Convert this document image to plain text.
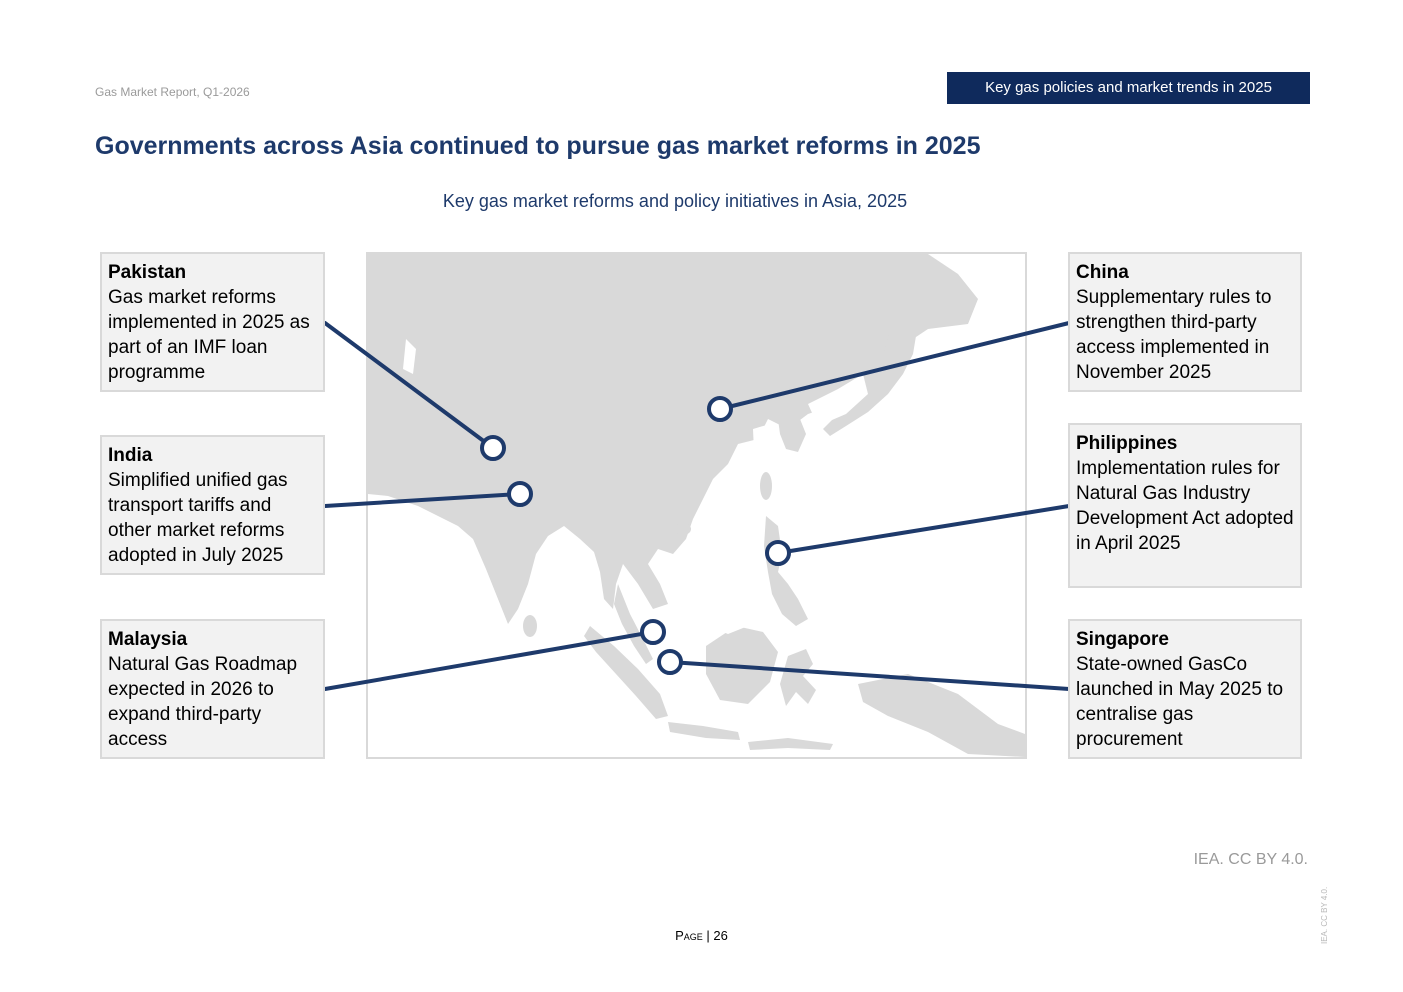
Gas Market Report, Q1-2026	Key gas policies and market trends in 2025
Governments across Asia continued to pursue gas market reforms in 2025
Key gas market reforms and policy initiatives in Asia, 2025
Pakistan
Gas market reforms implemented in 2025 as part of an IMF loan programme
India
Simplified unified gas transport tariffs and other market reforms adopted in July 2025
Malaysia
Natural Gas Roadmap expected in 2026 to expand third-party access
China
Supplementary rules to strengthen third-party access implemented in November 2025
Philippines
Implementation rules for Natural Gas Industry Development Act adopted in April 2025
Singapore
State-owned GasCo launched in May 2025 to centralise gas procurement
IEA. CC BY 4.0.
IEA. CC BY 4.0.
Page | 26
